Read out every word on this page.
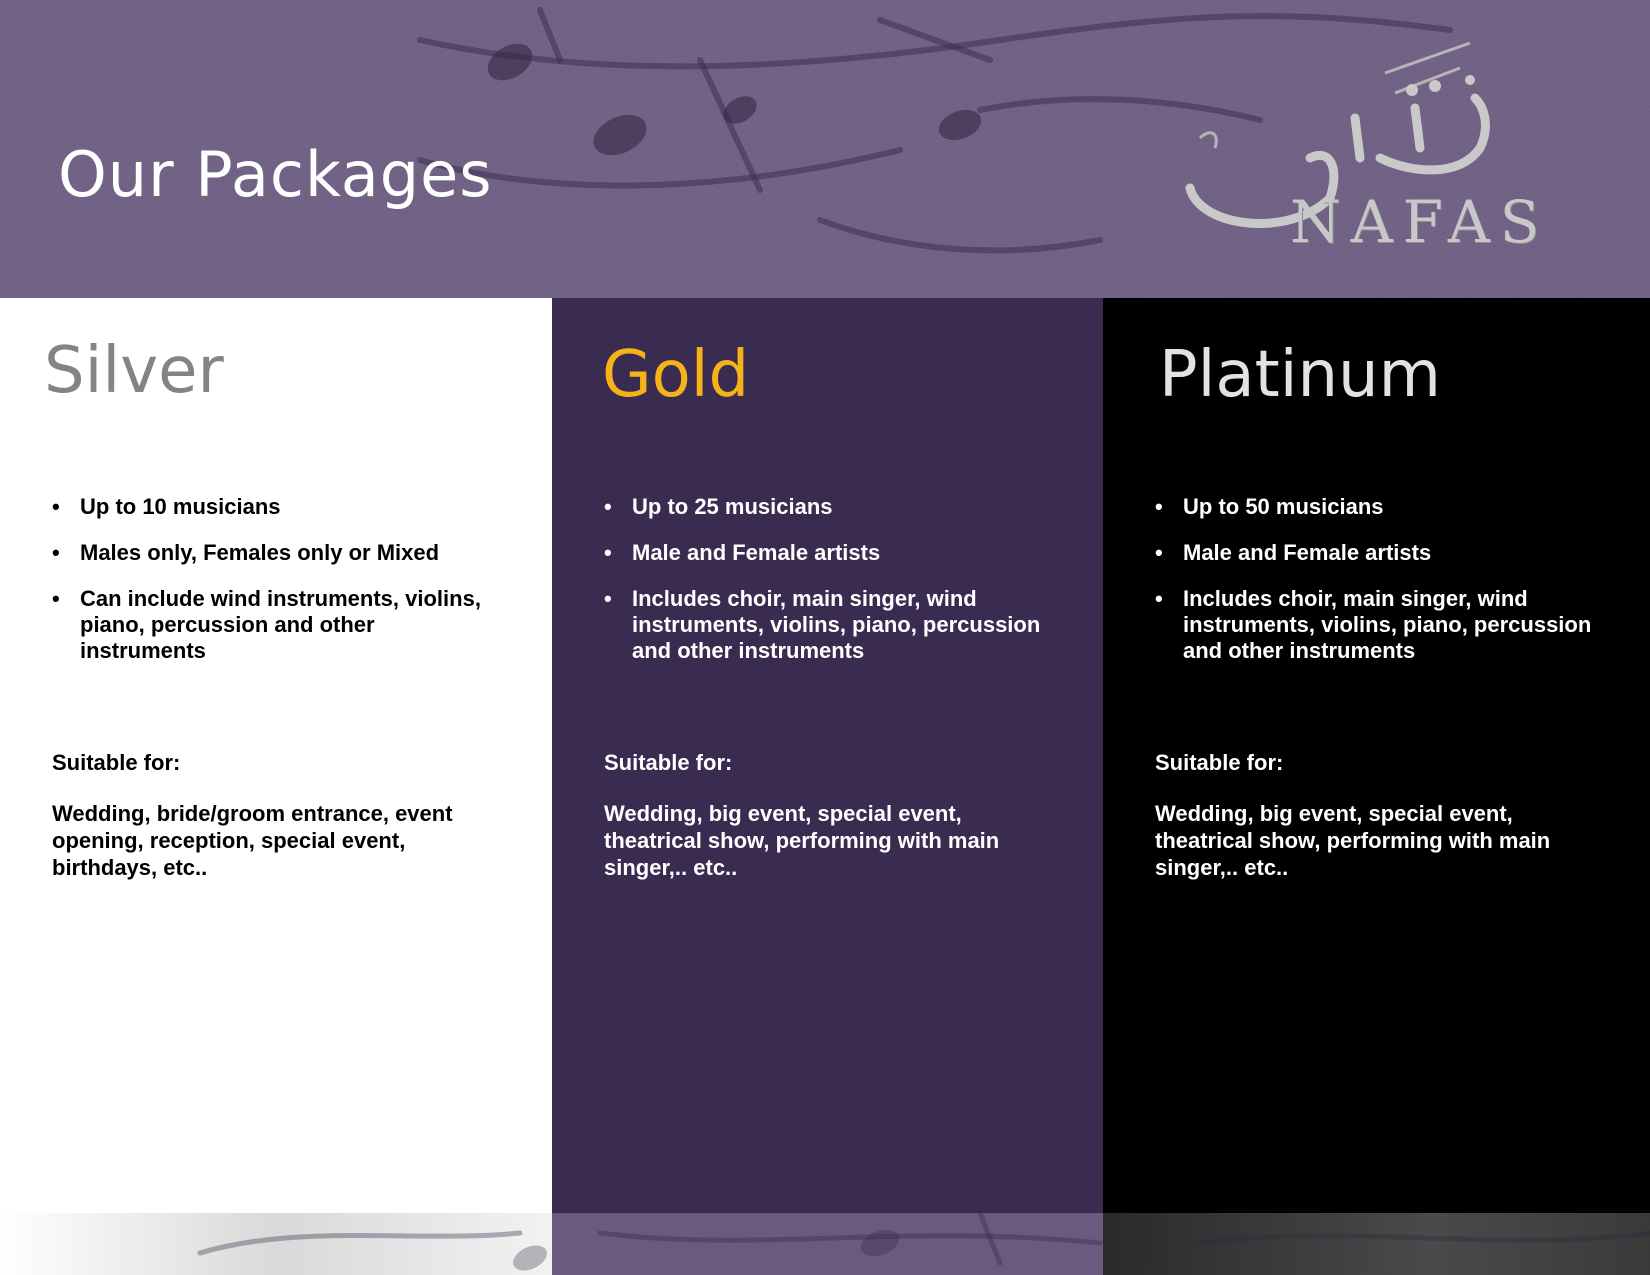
Our Packages
NAFAS
Silver
• Up to 10 musicians
• Males only, Females only or Mixed
• Can include wind instruments, violins, piano, percussion and other instruments

Suitable for:

Wedding, bride/groom entrance, event opening, reception, special event, birthdays, etc..

Gold
• Up to 25 musicians
• Male and Female artists
• Includes choir, main singer, wind instruments, violins, piano, percussion and other instruments

Suitable for:

Wedding, big event, special event, theatrical show, performing with main singer,.. etc..

Platinum
• Up to 50 musicians
• Male and Female artists
• Includes choir, main singer, wind instruments, violins, piano, percussion and other instruments

Suitable for:

Wedding, big event, special event, theatrical show, performing with main singer,.. etc..
